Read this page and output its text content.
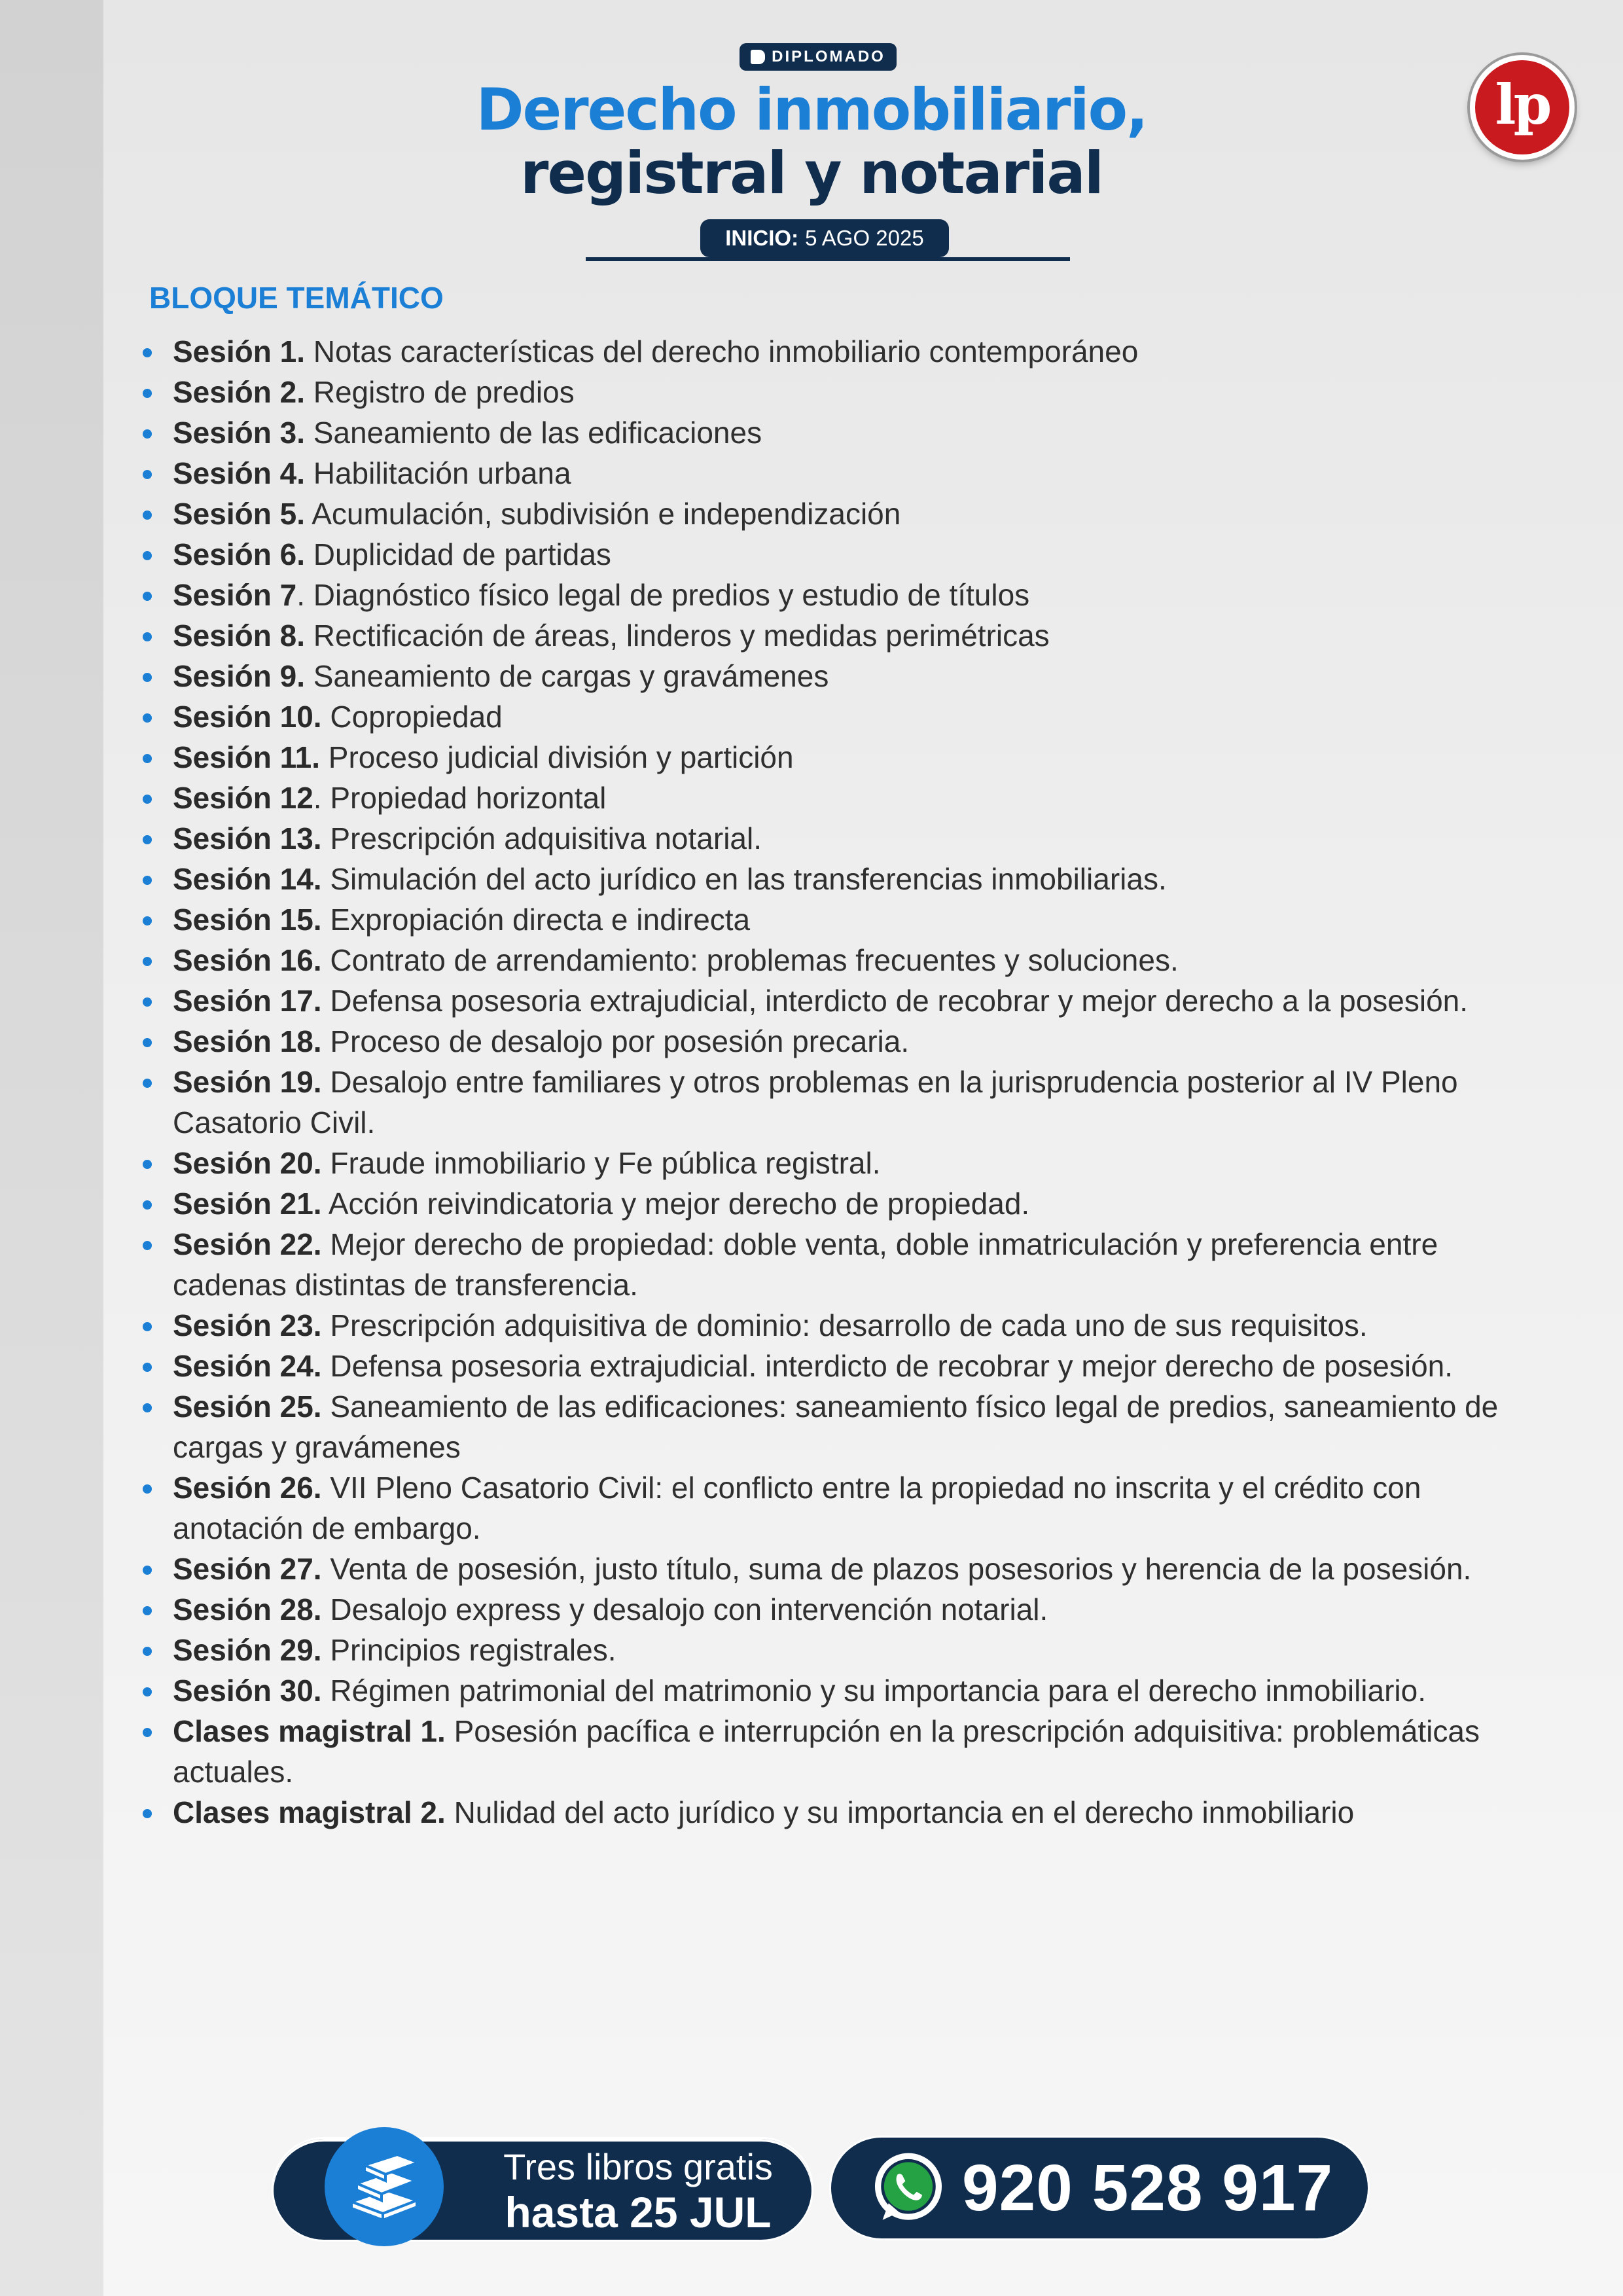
DIPLOMADO
Derecho inmobiliario,
registral y notarial
INICIO: 5 AGO 2025
lp
BLOQUE TEMÁTICO
Sesión 1. Notas características del derecho inmobiliario contemporáneo
Sesión 2. Registro de predios
Sesión 3. Saneamiento de las edificaciones
Sesión 4. Habilitación urbana
Sesión 5. Acumulación, subdivisión e independización
Sesión 6. Duplicidad de partidas
Sesión 7. Diagnóstico físico legal de predios y estudio de títulos
Sesión 8. Rectificación de áreas, linderos y medidas perimétricas
Sesión 9. Saneamiento de cargas y gravámenes
Sesión 10. Copropiedad
Sesión 11. Proceso judicial división y partición
Sesión 12. Propiedad horizontal
Sesión 13. Prescripción adquisitiva notarial.
Sesión 14. Simulación del acto jurídico en las transferencias inmobiliarias.
Sesión 15. Expropiación directa e indirecta
Sesión 16. Contrato de arrendamiento: problemas frecuentes y soluciones.
Sesión 17. Defensa posesoria extrajudicial, interdicto de recobrar y mejor derecho a la posesión.
Sesión 18. Proceso de desalojo por posesión precaria.
Sesión 19. Desalojo entre familiares y otros problemas en la jurisprudencia posterior al IV Pleno Casatorio Civil.
Sesión 20. Fraude inmobiliario y Fe pública registral.
Sesión 21. Acción reivindicatoria y mejor derecho de propiedad.
Sesión 22. Mejor derecho de propiedad: doble venta, doble inmatriculación y preferencia entre cadenas distintas de transferencia.
Sesión 23. Prescripción adquisitiva de dominio: desarrollo de cada uno de sus requisitos.
Sesión 24. Defensa posesoria extrajudicial. interdicto de recobrar y mejor derecho de posesión.
Sesión 25. Saneamiento de las edificaciones: saneamiento físico legal de predios, saneamiento de cargas y gravámenes
Sesión 26. VII Pleno Casatorio Civil: el conflicto entre la propiedad no inscrita y el crédito con anotación de embargo.
Sesión 27. Venta de posesión, justo título, suma de plazos posesorios y herencia de la posesión.
Sesión 28. Desalojo express y desalojo con intervención notarial.
Sesión 29. Principios registrales.
Sesión 30. Régimen patrimonial del matrimonio y su importancia para el derecho inmobiliario.
Clases magistral 1. Posesión pacífica e interrupción en la prescripción adquisitiva: problemáticas actuales.
Clases magistral 2. Nulidad del acto jurídico y su importancia en el derecho inmobiliario
Tres libros gratis
hasta 25 JUL	920 528 917
